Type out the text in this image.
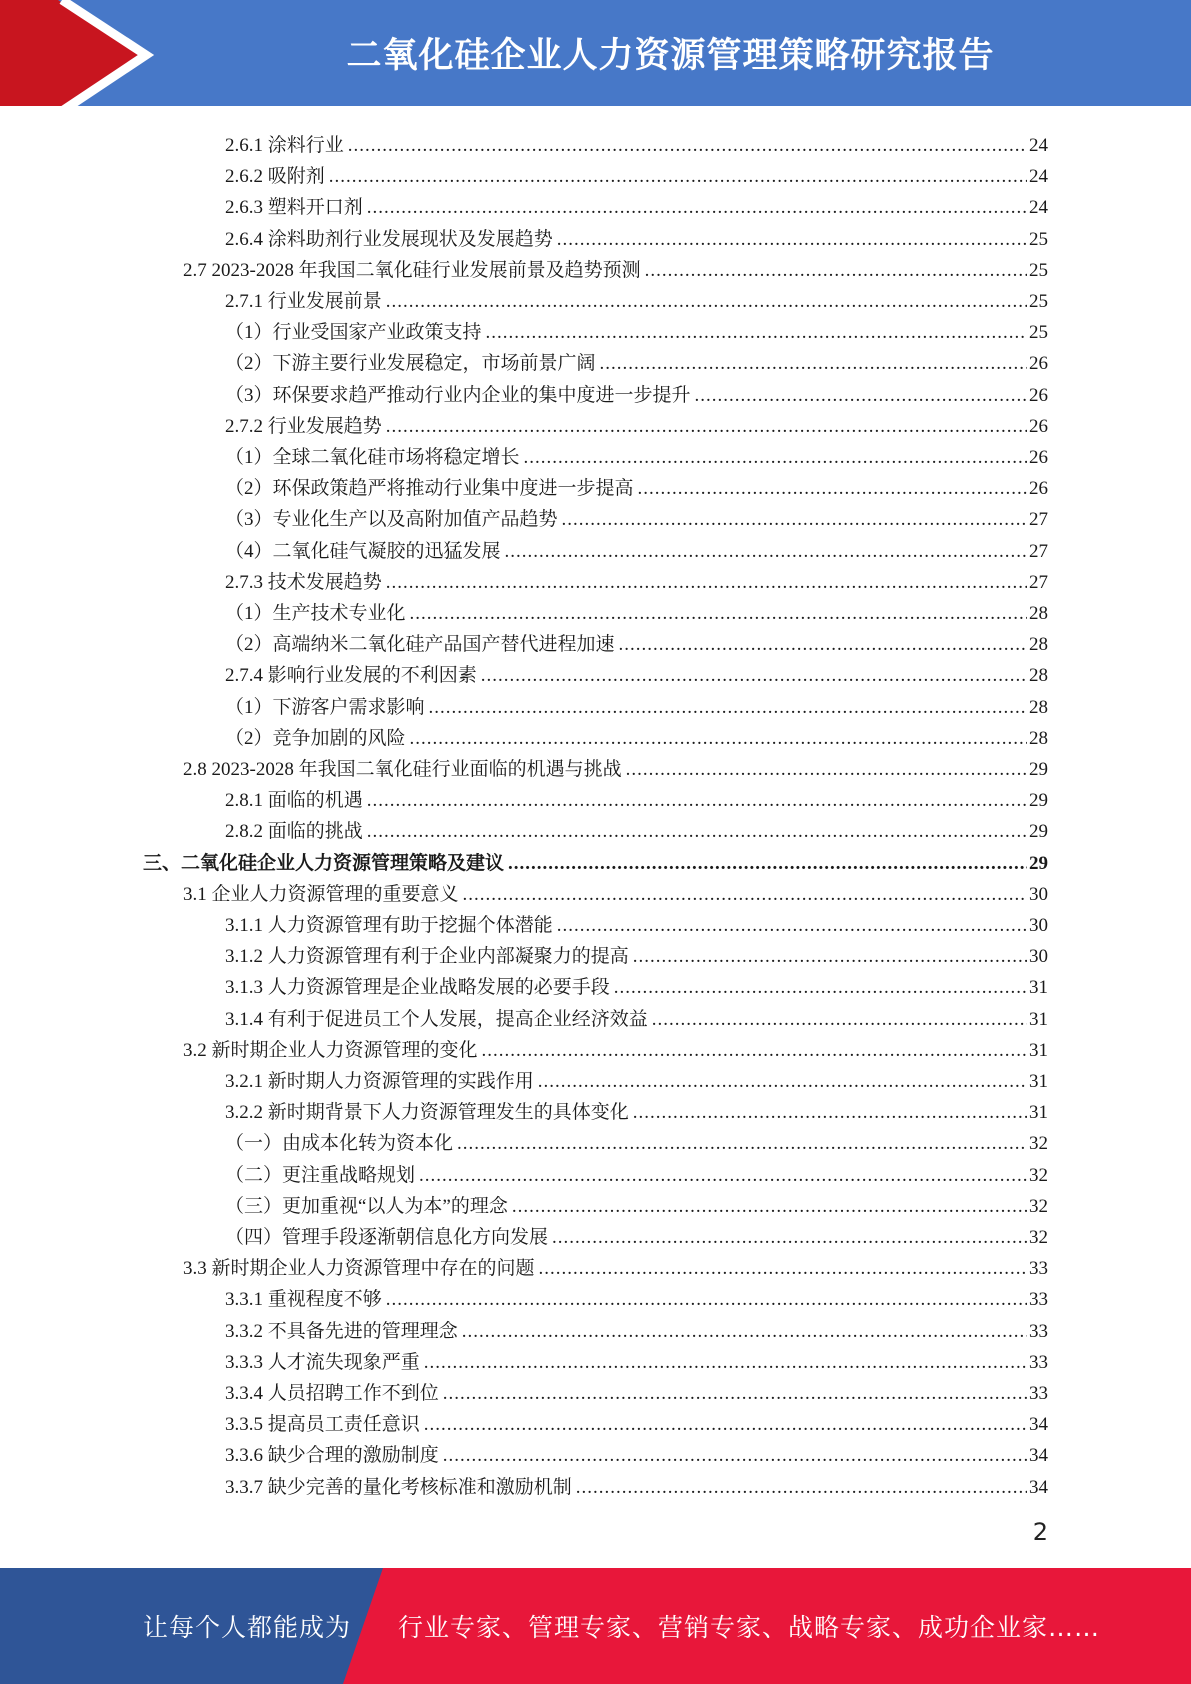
二氧化硅企业人力资源管理策略研究报告
2.6.1 涂料行业 .....	24
2.6.2 吸附剂 .....	24
2.6.3 塑料开口剂 .....	24
2.6.4 涂料助剂行业发展现状及发展趋势 .....	25
2.7 2023-2028 年我国二氧化硅行业发展前景及趋势预测 .....	25
2.7.1 行业发展前景 .....	25
（1）行业受国家产业政策支持 .....	25
（2）下游主要行业发展稳定，市场前景广阔 .....	26
（3）环保要求趋严推动行业内企业的集中度进一步提升 .....	26
2.7.2 行业发展趋势 .....	26
（1）全球二氧化硅市场将稳定增长 .....	26
（2）环保政策趋严将推动行业集中度进一步提高 .....	26
（3）专业化生产以及高附加值产品趋势 .....	27
（4）二氧化硅气凝胶的迅猛发展 .....	27
2.7.3 技术发展趋势 .....	27
（1）生产技术专业化 .....	28
（2）高端纳米二氧化硅产品国产替代进程加速 .....	28
2.7.4 影响行业发展的不利因素 .....	28
（1）下游客户需求影响 .....	28
（2）竞争加剧的风险 .....	28
2.8 2023-2028 年我国二氧化硅行业面临的机遇与挑战 .....	29
2.8.1 面临的机遇 .....	29
2.8.2 面临的挑战 .....	29
三、二氧化硅企业人力资源管理策略及建议 .....	29
3.1 企业人力资源管理的重要意义 .....	30
3.1.1 人力资源管理有助于挖掘个体潜能 .....	30
3.1.2 人力资源管理有利于企业内部凝聚力的提高 .....	30
3.1.3 人力资源管理是企业战略发展的必要手段 .....	31
3.1.4 有利于促进员工个人发展，提高企业经济效益 .....	31
3.2 新时期企业人力资源管理的变化 .....	31
3.2.1 新时期人力资源管理的实践作用 .....	31
3.2.2 新时期背景下人力资源管理发生的具体变化 .....	31
（一）由成本化转为资本化 .....	32
（二）更注重战略规划 .....	32
（三）更加重视“以人为本”的理念 .....	32
（四）管理手段逐渐朝信息化方向发展 .....	32
3.3 新时期企业人力资源管理中存在的问题 .....	33
3.3.1 重视程度不够 .....	33
3.3.2 不具备先进的管理理念 .....	33
3.3.3 人才流失现象严重 .....	33
3.3.4 人员招聘工作不到位 .....	33
3.3.5 提高员工责任意识 .....	34
3.3.6 缺少合理的激励制度 .....	34
3.3.7 缺少完善的量化考核标准和激励机制 .....	34
2
让每个人都能成为 行业专家、管理专家、营销专家、战略专家、成功企业家……
